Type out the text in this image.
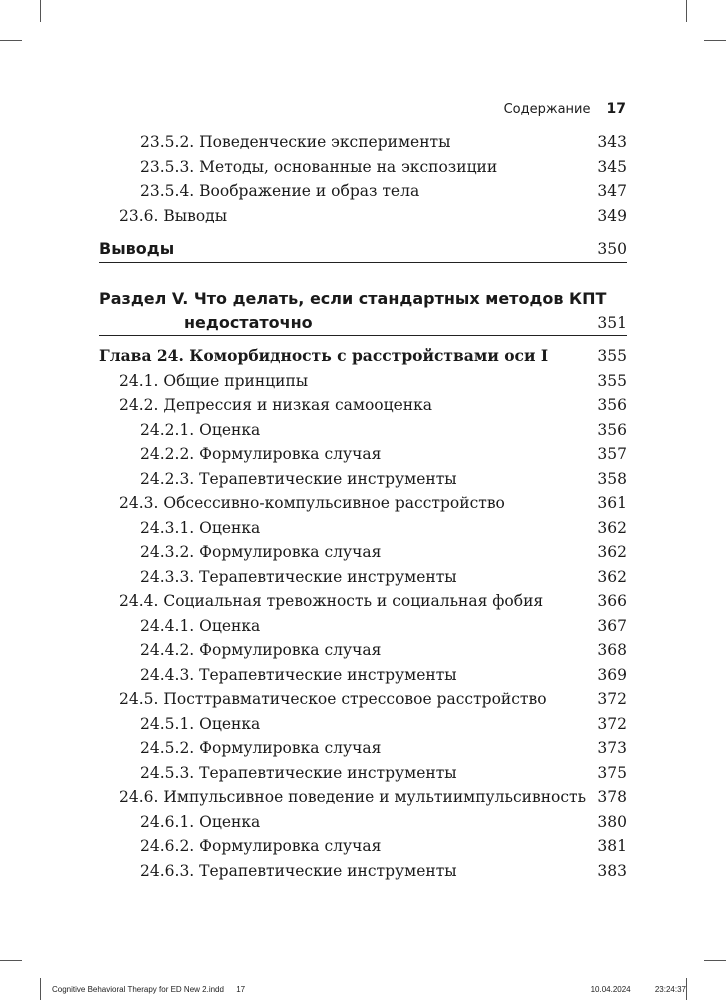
Содержание 17
23.5.2. Поведенческие эксперименты	343
23.5.3. Методы, основанные на экспозиции	345
23.5.4. Воображение и образ тела	347
23.6. Выводы	349
Выводы	350
Раздел V. Что делать, если стандартных методов КПТ
недостаточно	351
Глава 24. Коморбидность с расстройствами оси I	355
24.1. Общие принципы	355
24.2. Депрессия и низкая самооценка	356
24.2.1. Оценка	356
24.2.2. Формулировка случая	357
24.2.3. Терапевтические инструменты	358
24.3. Обсессивно-компульсивное расстройство	361
24.3.1. Оценка	362
24.3.2. Формулировка случая	362
24.3.3. Терапевтические инструменты	362
24.4. Социальная тревожность и социальная фобия	366
24.4.1. Оценка	367
24.4.2. Формулировка случая	368
24.4.3. Терапевтические инструменты	369
24.5. Посттравматическое стрессовое расстройство	372
24.5.1. Оценка	372
24.5.2. Формулировка случая	373
24.5.3. Терапевтические инструменты	375
24.6. Импульсивное поведение и мультиимпульсивность 378
24.6.1. Оценка	380
24.6.2. Формулировка случая	381
24.6.3. Терапевтические инструменты	383
Cognitive Behavioral Therapy for ED New 2.indd 17	10.04.2024	23:24:37
